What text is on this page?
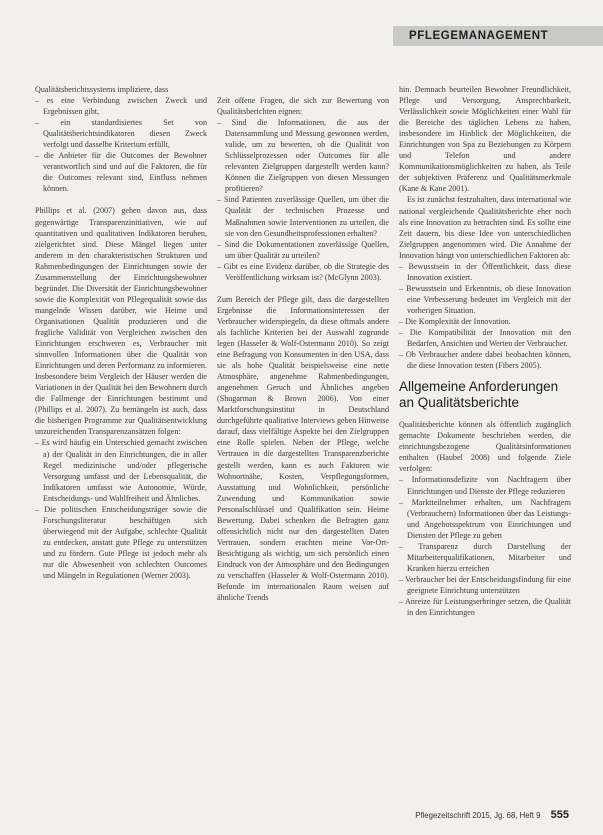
PFLEGEMANAGEMENT

Qualitätsberichtssystems impliziere, dass

– es eine Verbindung zwischen Zweck und Ergebnissen gibt,
– ein standardisiertes Set von Qualitätsberichtsindikatoren diesen Zweck verfolgt und dasselbe Kriterium erfüllt,
– die Anbieter für die Outcomes der Bewohner verantwortlich sind und auf die Faktoren, die für die Outcomes relevant sind, Einfluss nehmen können.

Phillips et al. (2007) gehen davon aus, dass gegenwärtige Transparenzinitiativen, wie auf quantitativen und qualitativen Indikatoren beruhen, zielgerichtet sind. Diese Mängel liegen unter anderem in den charakteristischen Strukturen und Rahmenbedingungen der Einrichtungen sowie der Zusammenstellung der Einrichtungsbewohner begründet. Die Diversität der Einrichtungsbewohner sowie die Komplexität von Pflegequalität sowie das mangelnde Wissen darüber, wie Heime und Organisationen Qualität produzieren und die fragliche Validität von Vergleichen zwischen den Einrichtungen erschweren es, Verbraucher mit sinnvollen Informationen über die Qualität von Einrichtungen und deren Performanz zu informieren. Insbesondere beim Vergleich der Häuser werden die Variationen in der Qualität bei den Bewohnern durch die Fallmenge der Einrichtungen bestimmt und (Phillips et al. 2007). Zu bemängeln ist auch, dass die bisherigen Programme zur Qualitätsentwicklung unzureichenden Transparenzansätzen folgen:

– Es wird häufig ein Unterschied gemacht zwischen a) der Qualität in den Einrichtungen, die in aller Regel medizinische und/oder pflegerische Versorgung umfasst und der Lebensqualität, die Indikatoren umfasst wie Autonomie, Würde, Entscheidungs- und Wahlfreiheit und Ähnliches.
– Die politischen Entscheidungsträger sowie die Forschungsliteratur beschäftigen sich überwiegend mit der Aufgabe, schlechte Qualität zu entdecken, anstatt gute Pflege zu unterstützen und zu fördern. Gute Pflege ist jedoch mehr als nur die Abwesenheit von schlechten Outcomes und Mängeln in Regulationen (Werner 2003).

Zeit offene Fragen, die sich zur Bewertung von Qualitätsberichten eignen:

– Sind die Informationen, die aus der Datensammlung und Messung gewonnen werden, valide, um zu bewerten, ob die Qualität von Schlüsselprozessen oder Outcomes für alle relevanten Zielgruppen dargestellt werden kann? Können die Zielgruppen von diesen Messungen profitieren?
– Sind Patienten zuverlässige Quellen, um über die Qualität der technischen Prozesse und Maßnahmen sowie Interventionen zu urteilen, die sie von den Gesundheitsprofessionen erhalten?
– Sind die Dokumentationen zuverlässige Quellen, um über Qualität zu urteilen?
– Gibt es eine Evidenz darüber, ob die Strategie des Veröffentlichung wirksam ist? (McGlynn 2003).

Zum Bereich der Pflege gilt, dass die dargestellten Ergebnisse die Informationsinteressen der Verbraucher widerspiegeln, da diese oftmals andere als fachliche Kriterien bei der Auswahl zugrunde legen (Hasseler & Wolf-Ostermann 2010). So zeigt eine Befragung von Konsumenten in den USA, dass sie als hohe Qualität beispielsweise eine nette Atmosphäre, angenehme Rahmenbedingungen, angenehmen Geruch und Ähnliches angeben (Shugarman & Brown 2006). Von einer Marktforschungsinstitut in Deutschland durchgeführte qualitative Interviews geben Hinweise darauf, dass vielfältige Aspekte bei den Zielgruppen eine Rolle spielen. Neben der Pflege, welche Vertrauen in die dargestellten Transparenzberichte gestellt werden, kann es auch Faktoren wie Wohnortnähe, Kosten, Verpflegungsformen, Ausstattung und Wohnlichkeit, persönliche Zuwendung und Kommunikation sowie Personalschlüssel und Qualifikation sein. Heime Bewertung. Dabei schenken die Befragten ganz offensichtlich nicht nur den dargestellten Daten Vertrauen, sondern erachten meine Vor-Ort-Besichtigung als wichtig, um sich persönlich einen Eindruck von der Atmosphäre und den Bedingungen zu verschaffen (Hasseler & Wolf-Ostermann 2010). Befunde im internationalen Raum weisen auf ähnliche Trends

hin. Demnach beurteilen Bewohner Freundlichkeit, Pflege und Versorgung, Ansprechbarkeit, Verlässlichkeit sowie Möglichkeiten einer Wahl für die Bereiche des täglichen Lebens zu haben, insbesondere im Hinblick der Möglichkeiten, die Einrichtungen von Spa zu Beziehungen zu Körpern und Telefon und andere Kommunikationsmöglichkeiten zu haben, als Teile der subjektiven Präferenz und Qualitätsmerkmale (Kane & Kane 2001).

Es ist zunächst festzuhalten, dass international wie national vergleichende Qualitätsberichte eher noch als eine Innovation zu betrachten sind. Es sollte eine Zeit dauern, bis diese Idee von unterschiedlichen Zielgruppen angenommen wird. Die Annahme der Innovation hängt von unterschiedlichen Faktoren ab:

– Bewusstsein in der Öffentlichkeit, dass diese Innovation existiert.
– Bewusstsein und Erkenntnis, ob diese Innovation eine Verbesserung bedeutet im Vergleich mit der vorherigen Situation.
– Die Komplexität der Innovation.
– Die Kompatibilität der Innovation mit den Bedarfen, Ansichten und Werten der Verbraucher.
– Ob Verbraucher andere dabei beobachten können, die diese Innovation testen (Fibers 2005).
Allgemeine Anforderungen an Qualitätsberichte

Qualitätsberichte können als öffentlich zugänglich gemachte Dokumente beschrieben werden, die einrichtungsbezogene Qualitätsinformationen enthalten (Haubel 2008) und folgende Ziele verfolgen:

– Informationsdefizite von Nachfragern über Einrichtungen und Dienste der Pflege reduzieren
– Marktteilnehmer erhalten, um Nachfragern (Verbrauchern) Informationen über das Leistungs- und Angebotsspektrum von Einrichtungen und Diensten der Pflege zu geben
– Transparenz durch Darstellung der Mitarbeiterqualifikationen, Mitarbeiter und Kranken hierzu erreichen
– Verbraucher bei der Entscheidungsfindung für eine geeignete Einrichtung unterstützen
– Anreize für Leistungserbringer setzen, die Qualität in den Einrichtungen
Pflegezeitschrift 2015, Jg. 68, Heft 9 555
